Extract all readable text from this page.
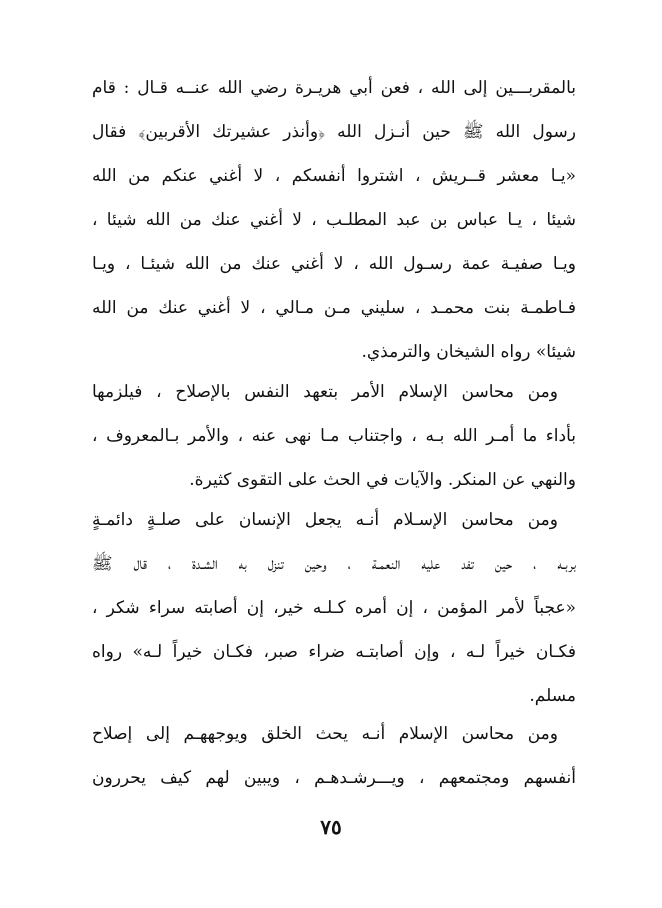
بالمقربـــين إلى الله ، فعن أبي هريـرة رضي الله عنــه قـال : قام
رسول الله ﷺ حين أنـزل الله ﴿وأنذر عشيرتك الأقربين﴾ فقال
«يـا معشر قــريش ، اشتروا أنفسكم ، لا أغني عنكم من الله
شيئا ، يـا عباس بن عبد المطلـب ، لا أغني عنك من الله شيئا ،
ويـا صفيـة عمة رسـول الله ، لا أغني عنك من الله شيئـا ، ويـا
فـاطمـة بنت محمـد ، سليني مـن مـالي ، لا أغني عنك من الله
شيئا» رواه الشيخان والترمذي.
ومن محاسن الإسلام الأمر بتعهد النفس بالإصلاح ، فيلزمها
بأداء ما أمـر الله بـه ، واجتناب مـا نهى عنه ، والأمر بـالمعروف ،
والنهي عن المنكر. والآيات في الحث على التقوى كثيرة.
ومن محاسن الإسـلام أنـه يجعل الإنسان على صلـةٍ دائمـةٍ
بربـه ، حين تفد عليه النعمـة ، وحين تنزل به الشـدة ، قال ﷺ
«عجباً لأمر المؤمن ، إن أمره كـلـه خير، إن أصابته سراء شكر ،
فكـان خيراً لـه ، وإن أصابتـه ضراء صبر، فكـان خيراً لـه» رواه
مسلم.
ومن محاسن الإسلام أنـه يحث الخلق ويوجههـم إلى إصلاح
أنفسهم ومجتمعهم ، ويـــرشـدهـم ، ويبين لهم كيف يحررون
٧٥
